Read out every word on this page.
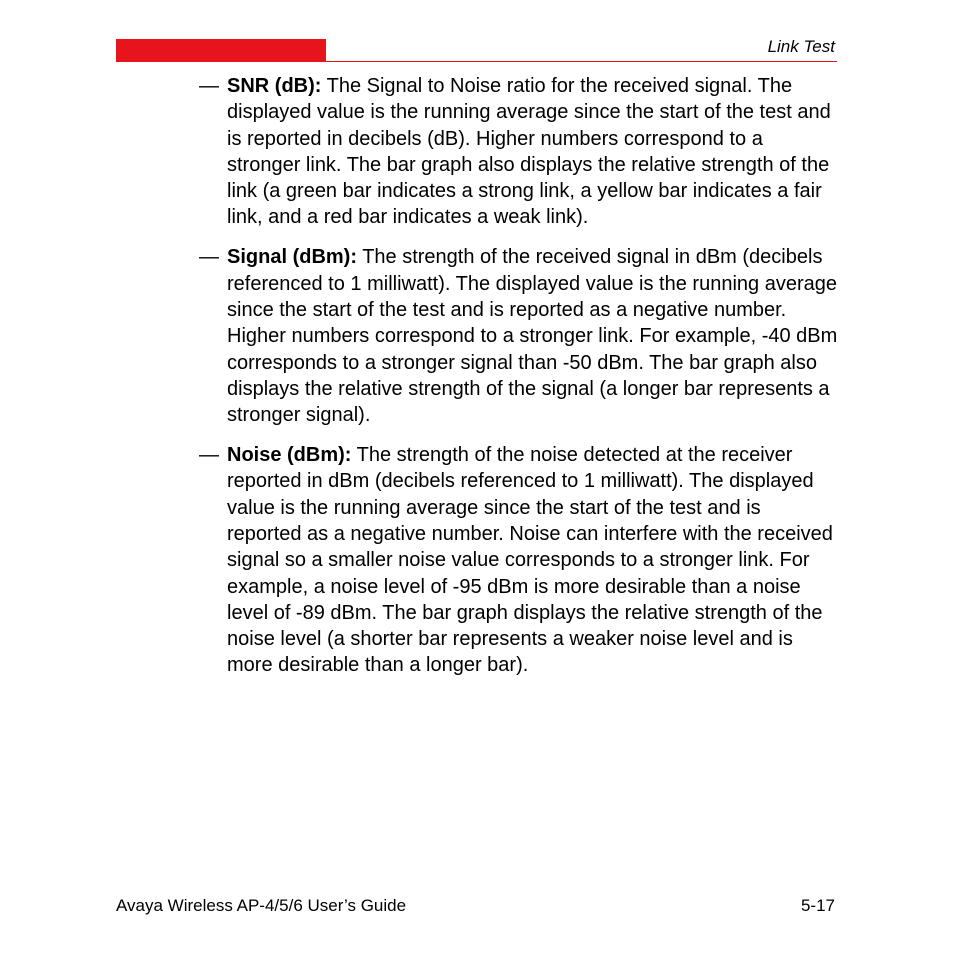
Link Test
— SNR (dB): The Signal to Noise ratio for the received signal. The displayed value is the running average since the start of the test and is reported in decibels (dB). Higher numbers correspond to a stronger link. The bar graph also displays the relative strength of the link (a green bar indicates a strong link, a yellow bar indicates a fair link, and a red bar indicates a weak link).
— Signal (dBm): The strength of the received signal in dBm (decibels referenced to 1 milliwatt). The displayed value is the running average since the start of the test and is reported as a negative number. Higher numbers correspond to a stronger link. For example, -40 dBm corresponds to a stronger signal than -50 dBm. The bar graph also displays the relative strength of the signal (a longer bar represents a stronger signal).
— Noise (dBm): The strength of the noise detected at the receiver reported in dBm (decibels referenced to 1 milliwatt). The displayed value is the running average since the start of the test and is reported as a negative number. Noise can interfere with the received signal so a smaller noise value corresponds to a stronger link. For example, a noise level of -95 dBm is more desirable than a noise level of -89 dBm. The bar graph displays the relative strength of the noise level (a shorter bar represents a weaker noise level and is more desirable than a longer bar).
Avaya Wireless AP-4/5/6 User’s Guide	5-17
